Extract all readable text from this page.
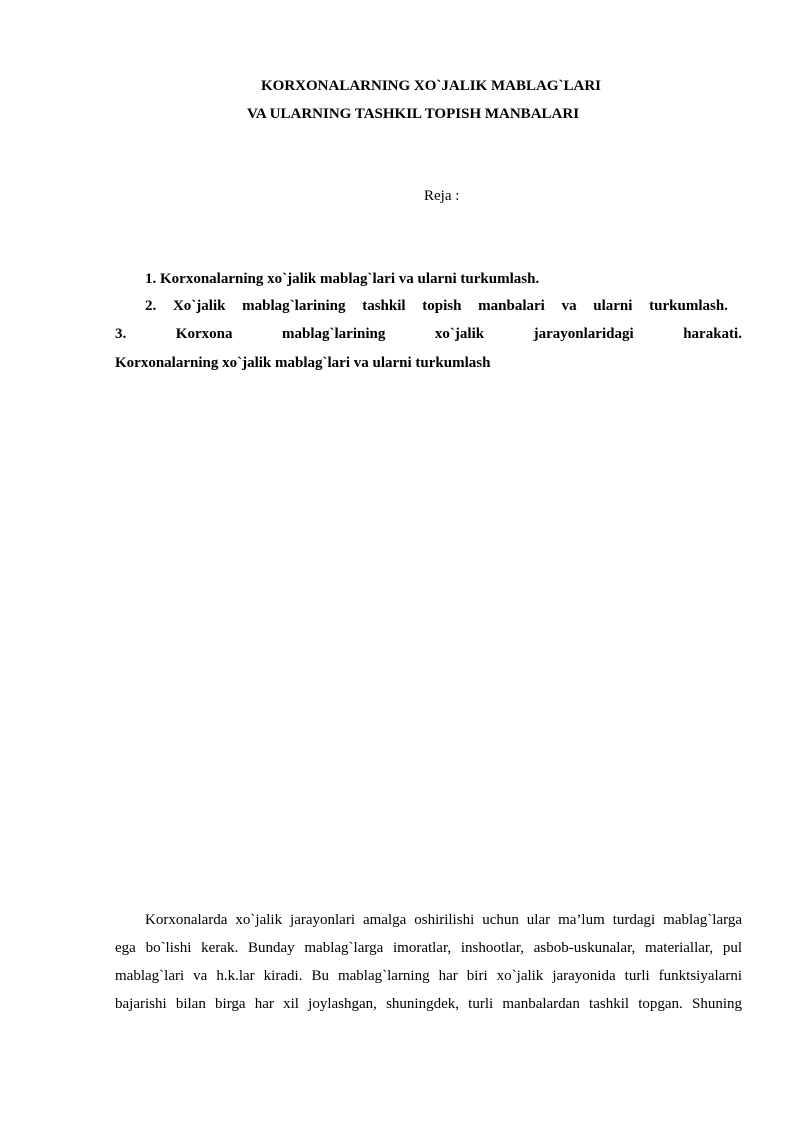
KORXONALARNING XO`JALIK MABLAG`LARI
VA ULARNING TASHKIL TOPISH MANBALARI
Reja :
1. Korxonalarning xo`jalik mablag`lari va ularni turkumlash.
2. Xo`jalik mablag`larining tashkil topish manbalari va ularni turkumlash.
3.	Korxona	mablag`larining	xo`jalik	jarayonlaridagi	harakati.
Korxonalarning xo`jalik mablag`lari va ularni turkumlash
Korxonalarda xo`jalik jarayonlari amalga oshirilishi uchun ular ma’lum turdagi mablag`larga
ega bo`lishi kerak. Bunday mablag`larga imoratlar, inshootlar, asbob-uskunalar, materiallar, pul
mablag`lari va h.k.lar kiradi. Bu mablag`larning har biri xo`jalik jarayonida turli funktsiyalarni
bajarishi bilan birga har xil joylashgan, shuningdek, turli manbalardan tashkil topgan. Shuning
